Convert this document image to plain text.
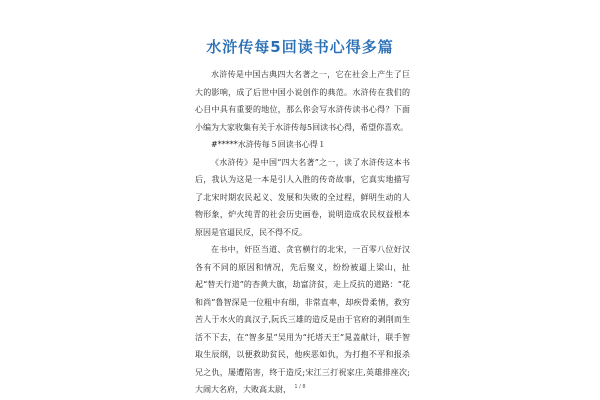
水浒传每5回读书心得多篇

水浒传是中国古典四大名著之一，它在社会上产生了巨大的影响，成了后世中国小说创作的典范。水浒传在我们的心目中具有重要的地位，那么你会写水浒传读书心得？下面小编为大家收集有关于水浒传每5回读书心得，希望你喜欢。

#*****水浒传每５回读书心得１

《水浒传》是中国“四大名著”之一，读了水浒传这本书后，我认为这是一本是引人入胜的传奇故事，它真实地描写了北宋时期农民起义、发展和失败的全过程，鲜明生动的人物形象，炉火纯青的社会历史画卷，说明造成农民权益根本原因是官逼民反，民不得不反。

在书中，奸臣当道、贪官横行的北宋，一百零八位好汉各有不同的原因和情况，先后聚义，纷纷被逼上梁山，扯起“替天行道”的杏黄大旗，劫富济贫，走上反抗的道路：“花和尚”鲁智深是一位粗中有细，非常直率，却疾骨柔情，救穷苦人于水火的真汉子,阮氏三雄的造反是由于官府的剥削而生活不下去，在“智多星”吴用为“托塔天王”晁盖献计，联手智取生辰纲，以便救助贫民，他疾恶如仇，为打抱不平和报杀兄之仇，屡遭陷害，终于造反;宋江三打祝家庄,英雄排座次;大闹大名府，大败高太尉， 1 / 8
